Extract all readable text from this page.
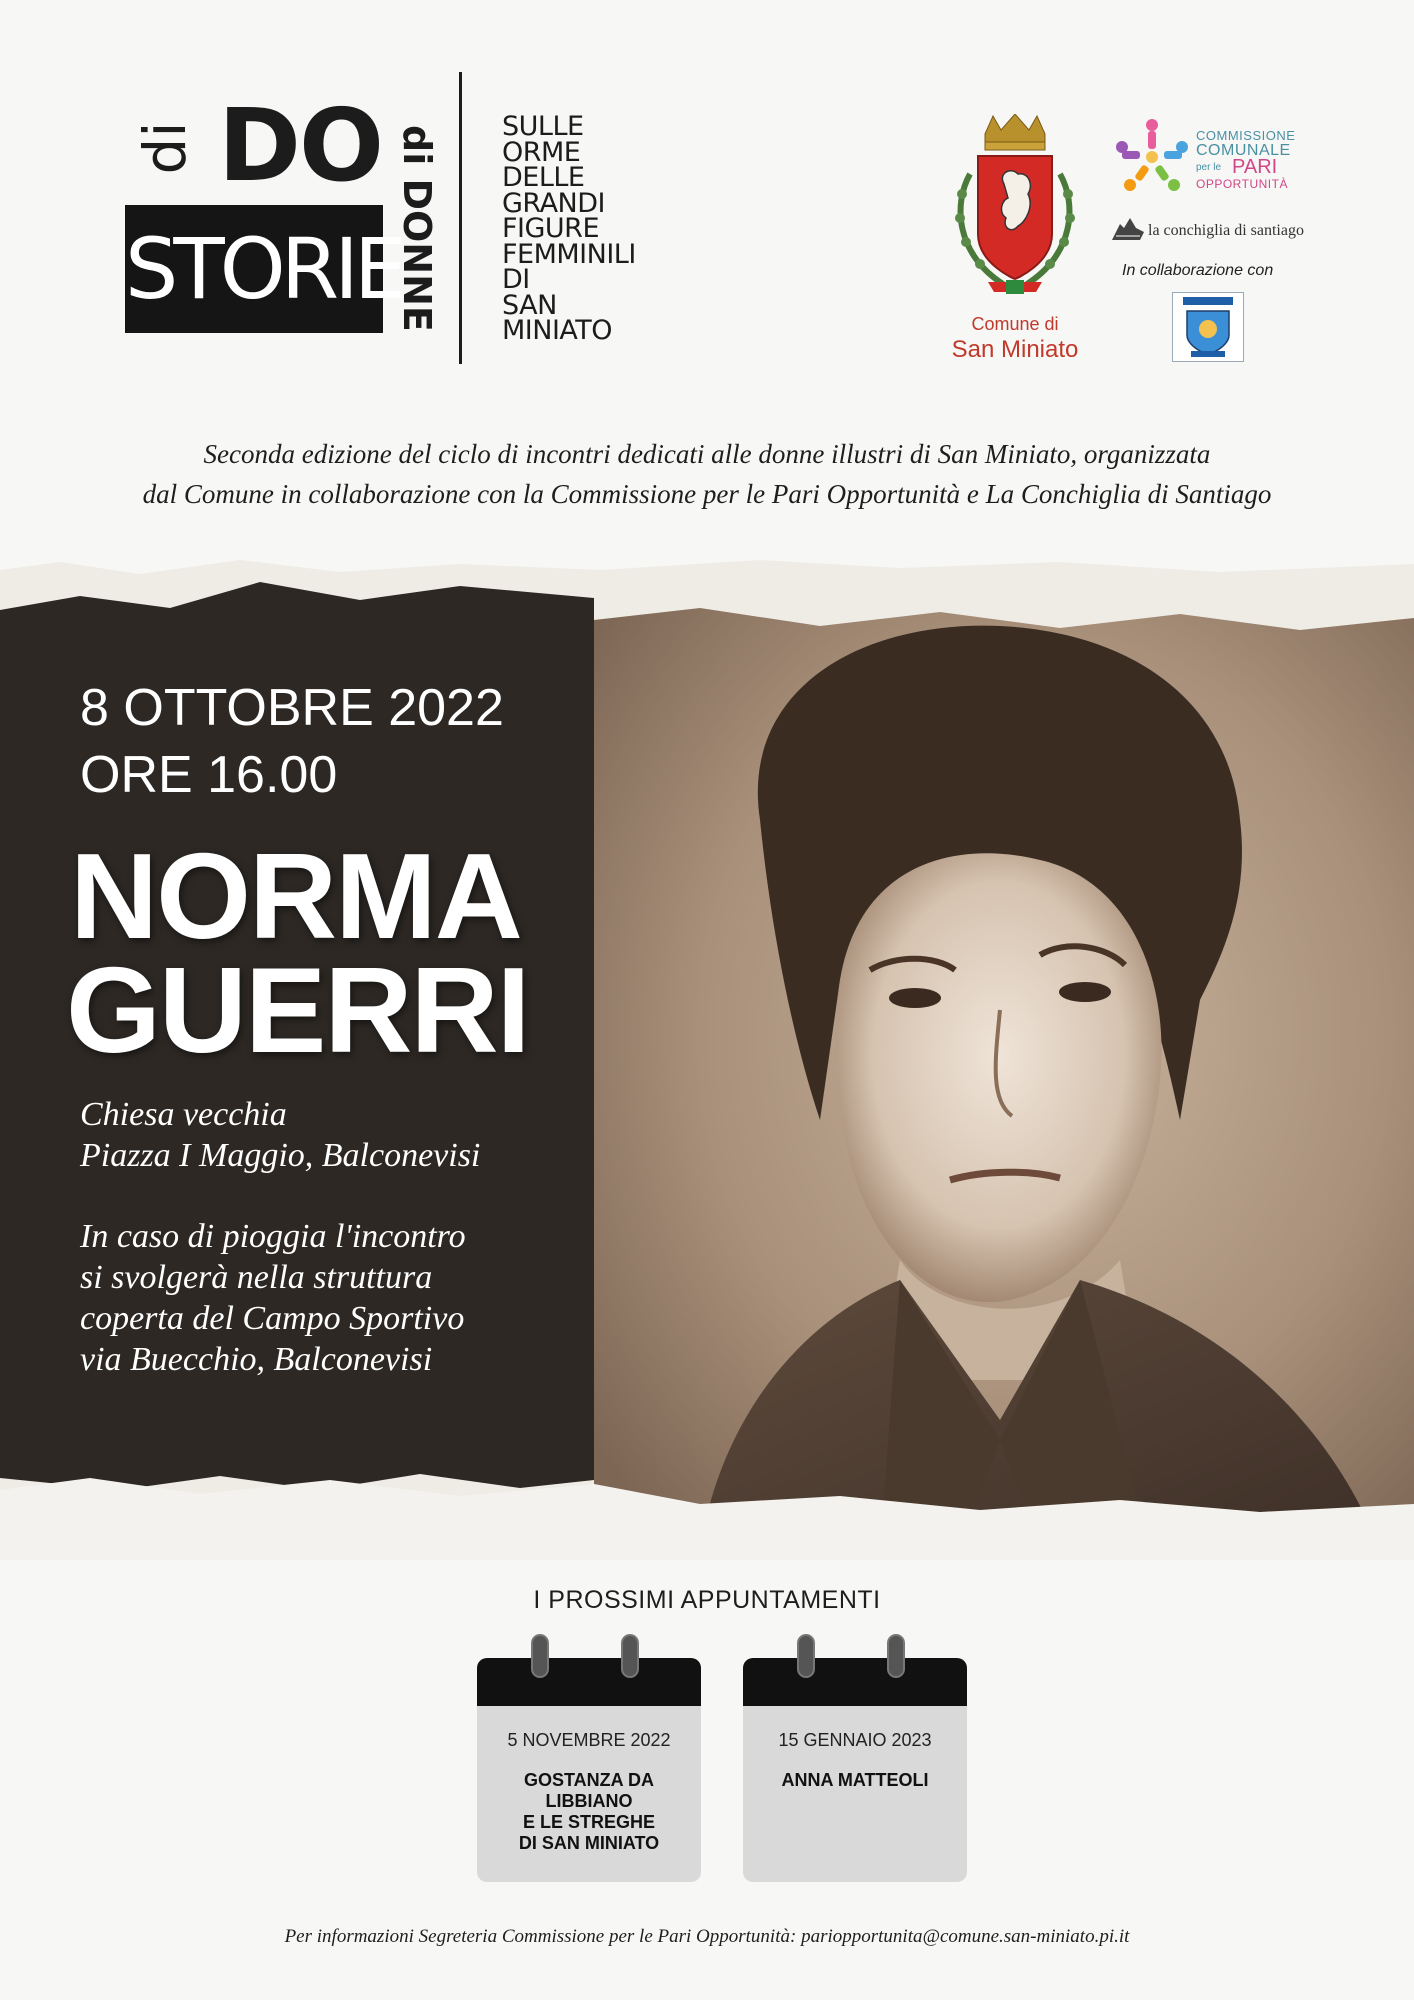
di DO
STORIE
di DONNE SULLE
ORME
DELLE
GRANDI
FIGURE
FEMMINILI
DI
SAN
MINIATO	Comune di
San Miniato
COMMISSIONE
COMUNALE
per le PARI
OPPORTUNITÀ
la conchiglia di santiago
In collaborazione con
Seconda edizione del ciclo di incontri dedicati alle donne illustri di San Miniato, organizzata
dal Comune in collaborazione con la Commissione per le Pari Opportunità e La Conchiglia di Santiago
8 OTTOBRE 2022
ORE 16.00
NORMA
GUERRI
Chiesa vecchia
Piazza I Maggio, Balconevisi
In caso di pioggia l'incontro
si svolgerà nella struttura
coperta del Campo Sportivo
via Buecchio, Balconevisi
I PROSSIMI APPUNTAMENTI
5 NOVEMBRE 2022
GOSTANZA DA
LIBBIANO
E LE STREGHE
DI SAN MINIATO
15 GENNAIO 2023
ANNA MATTEOLI
Per informazioni Segreteria Commissione per le Pari Opportunità: pariopportunita@comune.san-miniato.pi.it
